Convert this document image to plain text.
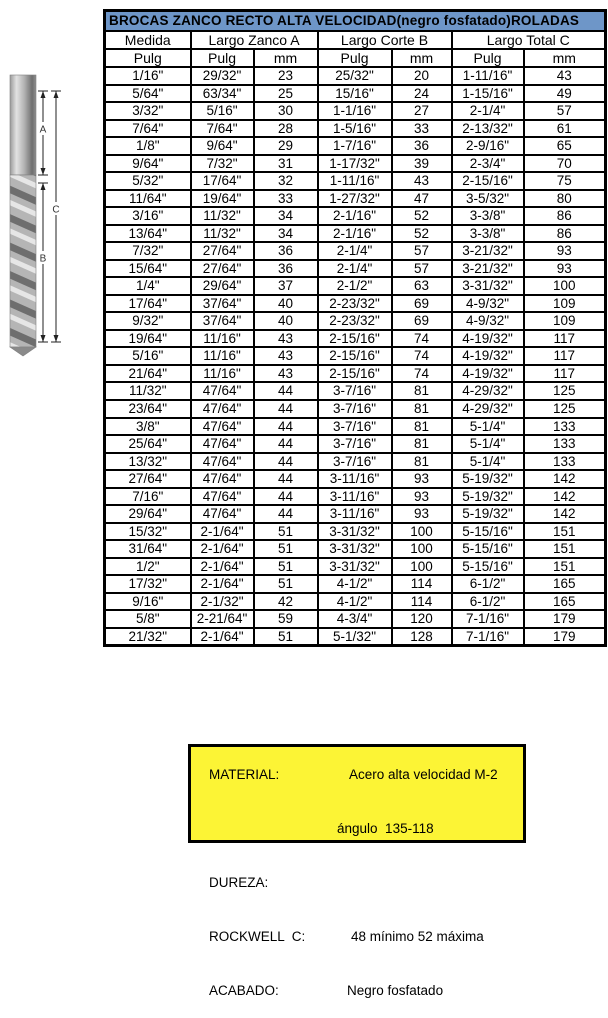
A
B
C
BROCAS ZANCO RECTO ALTA VELOCIDAD(negro fosfatado)ROLADAS						
Medida	Largo Zanco A		Largo Corte B		Largo Total C	
Pulg	Pulg	mm	Pulg	mm	Pulg	mm
1/16"	29/32"	23	25/32"	20	1-11/16"	43
5/64"	63/34"	25	15/16"	24	1-15/16"	49
3/32"	5/16"	30	1-1/16"	27	2-1/4"	57
7/64"	7/64"	28	1-5/16"	33	2-13/32"	61
1/8"	9/64"	29	1-7/16"	36	2-9/16"	65
9/64"	7/32"	31	1-17/32"	39	2-3/4"	70
5/32"	17/64"	32	1-11/16"	43	2-15/16"	75
11/64"	19/64"	33	1-27/32"	47	3-5/32"	80
3/16"	11/32"	34	2-1/16"	52	3-3/8"	86
13/64"	11/32"	34	2-1/16"	52	3-3/8"	86
7/32"	27/64"	36	2-1/4"	57	3-21/32"	93
15/64"	27/64"	36	2-1/4"	57	3-21/32"	93
1/4"	29/64"	37	2-1/2"	63	3-31/32"	100
17/64"	37/64"	40	2-23/32"	69	4-9/32"	109
9/32"	37/64"	40	2-23/32"	69	4-9/32"	109
19/64"	11/16"	43	2-15/16"	74	4-19/32"	117
5/16"	11/16"	43	2-15/16"	74	4-19/32"	117
21/64"	11/16"	43	2-15/16"	74	4-19/32"	117
11/32"	47/64"	44	3-7/16"	81	4-29/32"	125
23/64"	47/64"	44	3-7/16"	81	4-29/32"	125
3/8"	47/64"	44	3-7/16"	81	5-1/4"	133
25/64"	47/64"	44	3-7/16"	81	5-1/4"	133
13/32"	47/64"	44	3-7/16"	81	5-1/4"	133
27/64"	47/64"	44	3-11/16"	93	5-19/32"	142
7/16"	47/64"	44	3-11/16"	93	5-19/32"	142
29/64"	47/64"	44	3-11/16"	93	5-19/32"	142
15/32"	2-1/64"	51	3-31/32"	100	5-15/16"	151
31/64"	2-1/64"	51	3-31/32"	100	5-15/16"	151
1/2"	2-1/64"	51	3-31/32"	100	5-15/16"	151
17/32"	2-1/64"	51	4-1/2"	114	6-1/2"	165
9/16"	2-1/32"	42	4-1/2"	114	6-1/2"	165
5/8"	2-21/64"	59	4-3/4"	120	7-1/16"	179
21/32"	2-1/64"	51	5-1/32"	128	7-1/16"	179

MATERIAL:	Acero alta velocidad M-2

ángulo  135-118

DUREZA:

ROCKWELL  C:	48 mínimo 52 máxima

ACABADO:	Negro fosfatado
